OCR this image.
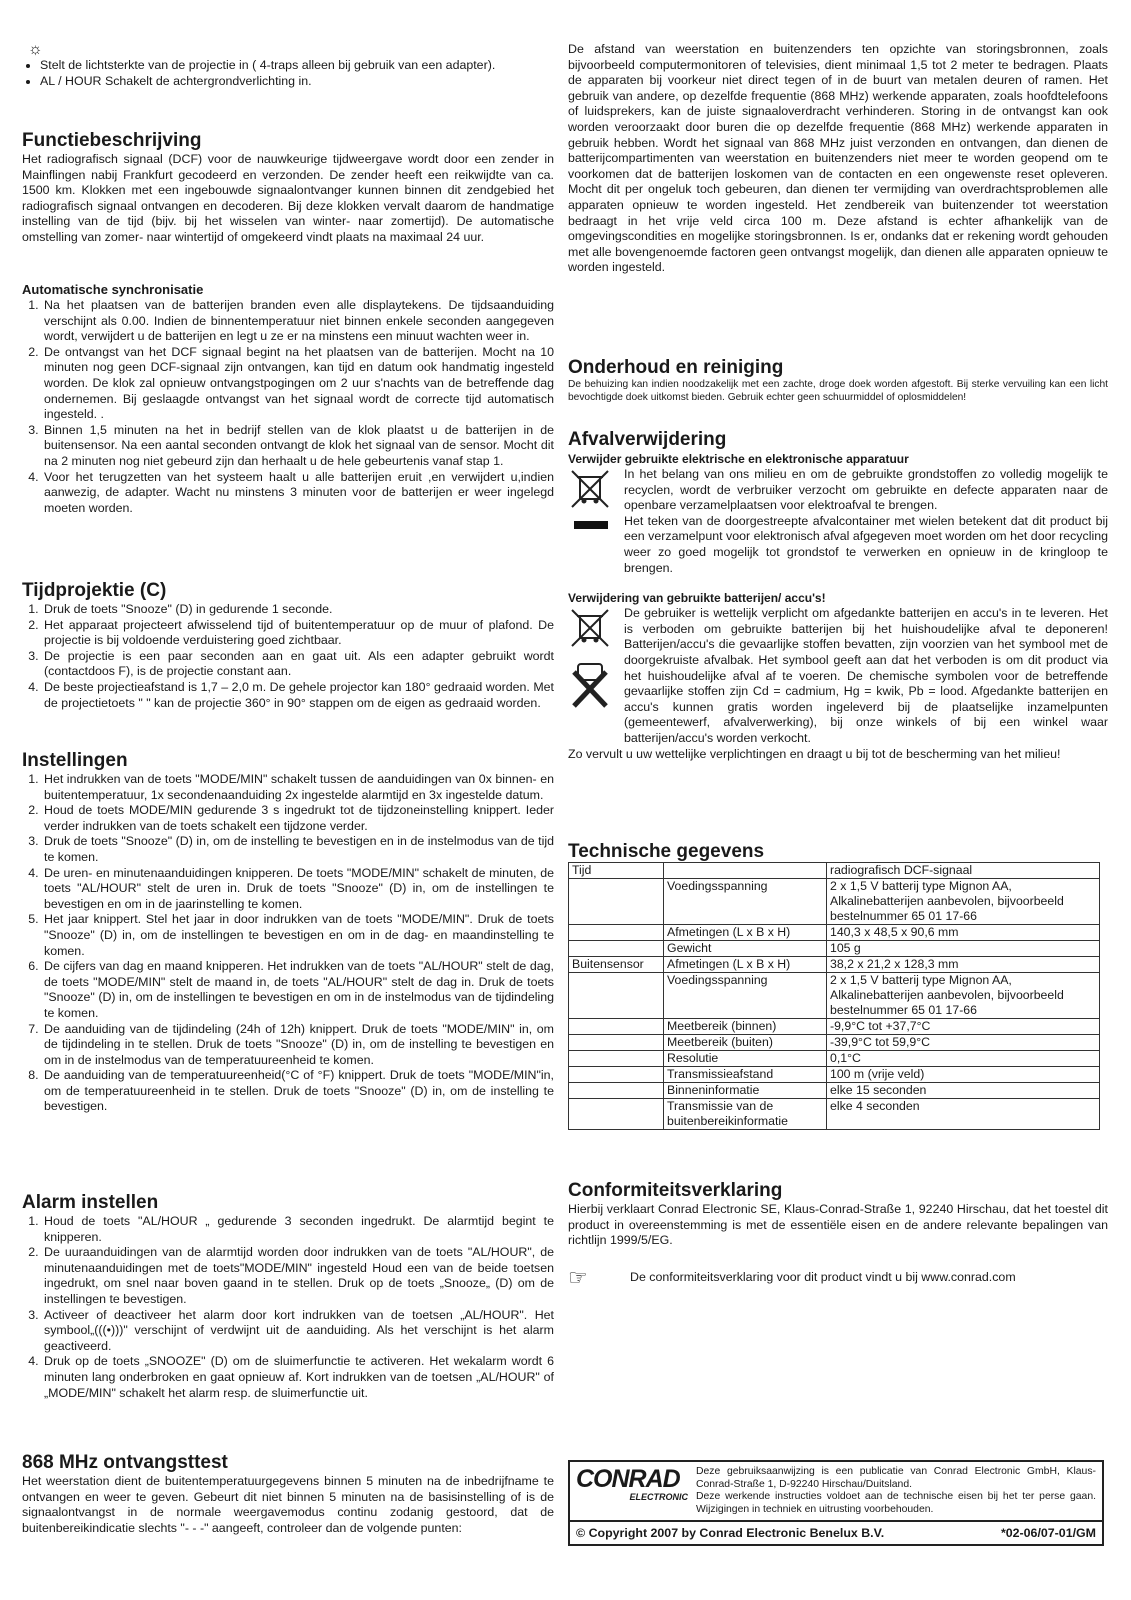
☼
• Stelt de lichtsterkte van de projectie in ( 4-traps alleen bij gebruik van een adapter).
• AL / HOUR Schakelt de achtergrondverlichting in.
Functiebeschrijving

Het radiografisch signaal (DCF) voor de nauwkeurige tijdweergave wordt door een zender in Mainflingen nabij Frankfurt gecodeerd en verzonden. De zender heeft een reikwijdte van ca. 1500 km. Klokken met een ingebouwde signaalontvanger kunnen binnen dit zendgebied het radiografisch signaal ontvangen en decoderen. Bij deze klokken vervalt daarom de handmatige instelling van de tijd (bijv. bij het wisselen van winter- naar zomertijd). De automatische omstelling van zomer- naar wintertijd of omgekeerd vindt plaats na maximaal 24 uur.

Automatische synchronisatie
1. Na het plaatsen van de batterijen branden even alle displaytekens. De tijdsaanduiding verschijnt als 0.00. Indien de binnentemperatuur niet binnen enkele seconden aangegeven wordt, verwijdert u de batterijen en legt u ze er na minstens een minuut wachten weer in.
2. De ontvangst van het DCF signaal begint na het plaatsen van de batterijen. Mocht na 10 minuten nog geen DCF-signaal zijn ontvangen, kan tijd en datum ook handmatig ingesteld worden. De klok zal opnieuw ontvangstpogingen om 2 uur s'nachts van de betreffende dag ondernemen. Bij geslaagde ontvangst van het signaal wordt de correcte tijd automatisch ingesteld. .
3. Binnen 1,5 minuten na het in bedrijf stellen van de klok plaatst u de batterijen in de buitensensor. Na een aantal seconden ontvangt de klok het signaal van de sensor. Mocht dit na 2 minuten nog niet gebeurd zijn dan herhaalt u de hele gebeurtenis vanaf stap 1.
4. Voor het terugzetten van het systeem haalt u alle batterijen eruit ,en verwijdert u,indien aanwezig, de adapter. Wacht nu minstens 3 minuten voor de batterijen er weer ingelegd moeten worden.
Tijdprojektie (C)
1. Druk de toets "Snooze" (D) in gedurende 1 seconde.
2. Het apparaat projecteert afwisselend tijd of buitentemperatuur op de muur of plafond. De projectie is bij voldoende verduistering goed zichtbaar.
3. De projectie is een paar seconden aan en gaat uit. Als een adapter gebruikt wordt (contactdoos F), is de projectie constant aan.
4. De beste projectieafstand is 1,7 – 2,0 m. De gehele projector kan 180° gedraaid worden. Met de projectietoets " " kan de projectie 360° in 90° stappen om de eigen as gedraaid worden.
Instellingen
1. Het indrukken van de toets "MODE/MIN" schakelt tussen de aanduidingen van 0x binnen- en buitentemperatuur, 1x secondenaanduiding 2x ingestelde alarmtijd en 3x ingestelde datum.
2. Houd de toets MODE/MIN gedurende 3 s ingedrukt tot de tijdzoneinstelling knippert. Ieder verder indrukken van de toets schakelt een tijdzone verder.
3. Druk de toets "Snooze" (D) in, om de instelling te bevestigen en in de instelmodus van de tijd te komen.
4. De uren- en minutenaanduidingen knipperen. De toets "MODE/MIN" schakelt de minuten, de toets "AL/HOUR" stelt de uren in. Druk de toets "Snooze" (D) in, om de instellingen te bevestigen en om in de jaarinstelling te komen.
5. Het jaar knippert. Stel het jaar in door indrukken van de toets "MODE/MIN". Druk de toets "Snooze" (D) in, om de instellingen te bevestigen en om in de dag- en maandinstelling te komen.
6. De cijfers van dag en maand knipperen. Het indrukken van de toets "AL/HOUR" stelt de dag, de toets "MODE/MIN" stelt de maand in, de toets "AL/HOUR" stelt de dag in. Druk de toets "Snooze" (D) in, om de instellingen te bevestigen en om in de instelmodus van de tijdindeling te komen.
7. De aanduiding van de tijdindeling (24h of 12h) knippert. Druk de toets "MODE/MIN" in, om de tijdindeling in te stellen. Druk de toets "Snooze" (D) in, om de instelling te bevestigen en om in de instelmodus van de temperatuureenheid te komen.
8. De aanduiding van de temperatuureenheid(°C of °F) knippert. Druk de toets "MODE/MIN"in, om de temperatuureenheid in te stellen. Druk de toets "Snooze" (D) in, om de instelling te bevestigen.
Alarm instellen
1. Houd de toets "AL/HOUR „ gedurende 3 seconden ingedrukt. De alarmtijd begint te knipperen.
2. De uuraanduidingen van de alarmtijd worden door indrukken van de toets "AL/HOUR", de minutenaanduidingen met de toets"MODE/MIN" ingesteld Houd een van de beide toetsen ingedrukt, om snel naar boven gaand in te stellen. Druk op de toets „Snooze„ (D) om de instellingen te bevestigen.
3. Activeer of deactiveer het alarm door kort indrukken van de toetsen „AL/HOUR". Het symbool„(((•)))" verschijnt of verdwijnt uit de aanduiding. Als het verschijnt is het alarm geactiveerd.
4. Druk op de toets „SNOOZE" (D) om de sluimerfunctie te activeren. Het wekalarm wordt 6 minuten lang onderbroken en gaat opnieuw af. Kort indrukken van de toetsen „AL/HOUR" of „MODE/MIN" schakelt het alarm resp. de sluimerfunctie uit.
868 MHz ontvangsttest

Het weerstation dient de buitentemperatuurgegevens binnen 5 minuten na de inbedrijfname te ontvangen en weer te geven. Gebeurt dit niet binnen 5 minuten na de basisinstelling of is de signaalontvangst in de normale weergavemodus continu zodanig gestoord, dat de buitenbereikindicatie slechts "- - -" aangeeft, controleer dan de volgende punten:

De afstand van weerstation en buitenzenders ten opzichte van storingsbronnen, zoals bijvoorbeeld computermonitoren of televisies, dient minimaal 1,5 tot 2 meter te bedragen. Plaats de apparaten bij voorkeur niet direct tegen of in de buurt van metalen deuren of ramen. Het gebruik van andere, op dezelfde frequentie (868 MHz) werkende apparaten, zoals hoofdtelefoons of luidsprekers, kan de juiste signaaloverdracht verhinderen. Storing in de ontvangst kan ook worden veroorzaakt door buren die op dezelfde frequentie (868 MHz) werkende apparaten in gebruik hebben. Wordt het signaal van 868 MHz juist verzonden en ontvangen, dan dienen de batterijcompartimenten van weerstation en buitenzenders niet meer te worden geopend om te voorkomen dat de batterijen loskomen van de contacten en een ongewenste reset opleveren. Mocht dit per ongeluk toch gebeuren, dan dienen ter vermijding van overdrachtsproblemen alle apparaten opnieuw te worden ingesteld. Het zendbereik van buitenzender tot weerstation bedraagt in het vrije veld circa 100 m. Deze afstand is echter afhankelijk van de omgevingscondities en mogelijke storingsbronnen. Is er, ondanks dat er rekening wordt gehouden met alle bovengenoemde factoren geen ontvangst mogelijk, dan dienen alle apparaten opnieuw te worden ingesteld.

Onderhoud en reiniging

De behuizing kan indien noodzakelijk met een zachte, droge doek worden afgestoft. Bij sterke vervuiling kan een licht bevochtigde doek uitkomst bieden. Gebruik echter geen schuurmiddel of oplosmiddelen!

Afvalverwijdering
Verwijder gebruikte elektrische en elektronische apparatuur

In het belang van ons milieu en om de gebruikte grondstoffen zo volledig mogelijk te recyclen, wordt de verbruiker verzocht om gebruikte en defecte apparaten naar de openbare verzamelplaatsen voor elektroafval te brengen.

Het teken van de doorgestreepte afvalcontainer met wielen betekent dat dit product bij een verzamelpunt voor elektronisch afval afgegeven moet worden om het door recycling weer zo goed mogelijk tot grondstof te verwerken en opnieuw in de kringloop te brengen.

Verwijdering van gebruikte batterijen/ accu's!

De gebruiker is wettelijk verplicht om afgedankte batterijen en accu's in te leveren. Het is verboden om gebruikte batterijen bij het huishoudelijke afval te deponeren! Batterijen/accu's die gevaarlijke stoffen bevatten, zijn voorzien van het symbool met de doorgekruiste afvalbak. Het symbool geeft aan dat het verboden is om dit product via het huishoudelijke afval af te voeren. De chemische symbolen voor de betreffende gevaarlijke stoffen zijn Cd = cadmium, Hg = kwik, Pb = lood. Afgedankte batterijen en accu's kunnen gratis worden ingeleverd bij de plaatselijke inzamelpunten (gemeentewerf, afvalverwerking), bij onze winkels of bij een winkel waar batterijen/accu's worden verkocht.

Zo vervult u uw wettelijke verplichtingen en draagt u bij tot de bescherming van het milieu!

Technische gegevens
Tijd		radiografisch DCF-signaal
	Voedingsspanning	2 x 1,5 V batterij type Mignon AA, Alkalinebatterijen aanbevolen, bijvoorbeeld bestelnummer 65 01 17-66
	Afmetingen (L x B x H)	140,3 x 48,5 x 90,6 mm
	Gewicht	105 g
Buitensensor	Afmetingen (L x B x H)	38,2 x 21,2 x 128,3 mm
	Voedingsspanning	2 x 1,5 V batterij type Mignon AA, Alkalinebatterijen aanbevolen, bijvoorbeeld bestelnummer 65 01 17-66
	Meetbereik (binnen)	-9,9°C tot +37,7°C
	Meetbereik (buiten)	-39,9°C tot 59,9°C
	Resolutie	0,1°C
	Transmissieafstand	100 m (vrije veld)
	Binneninformatie	elke 15 seconden
	Transmissie van de buitenbereikinformatie	elke 4 seconden
Conformiteitsverklaring

Hierbij verklaart Conrad Electronic SE, Klaus-Conrad-Straße 1, 92240 Hirschau, dat het toestel dit product in overeenstemming is met de essentiële eisen en de andere relevante bepalingen van richtlijn 1999/5/EG.

☞	De conformiteitsverklaring voor dit product vindt u bij www.conrad.com

CONRAD
ELECTRONIC

Deze gebruiksaanwijzing is een publicatie van Conrad Electronic GmbH, Klaus-Conrad-Straße 1, D-92240 Hirschau/Duitsland.

Deze werkende instructies voldoet aan de technische eisen bij het ter perse gaan. Wijzigingen in techniek en uitrusting voorbehouden.

© Copyright 2007 by Conrad Electronic Benelux B.V.	*02-06/07-01/GM
